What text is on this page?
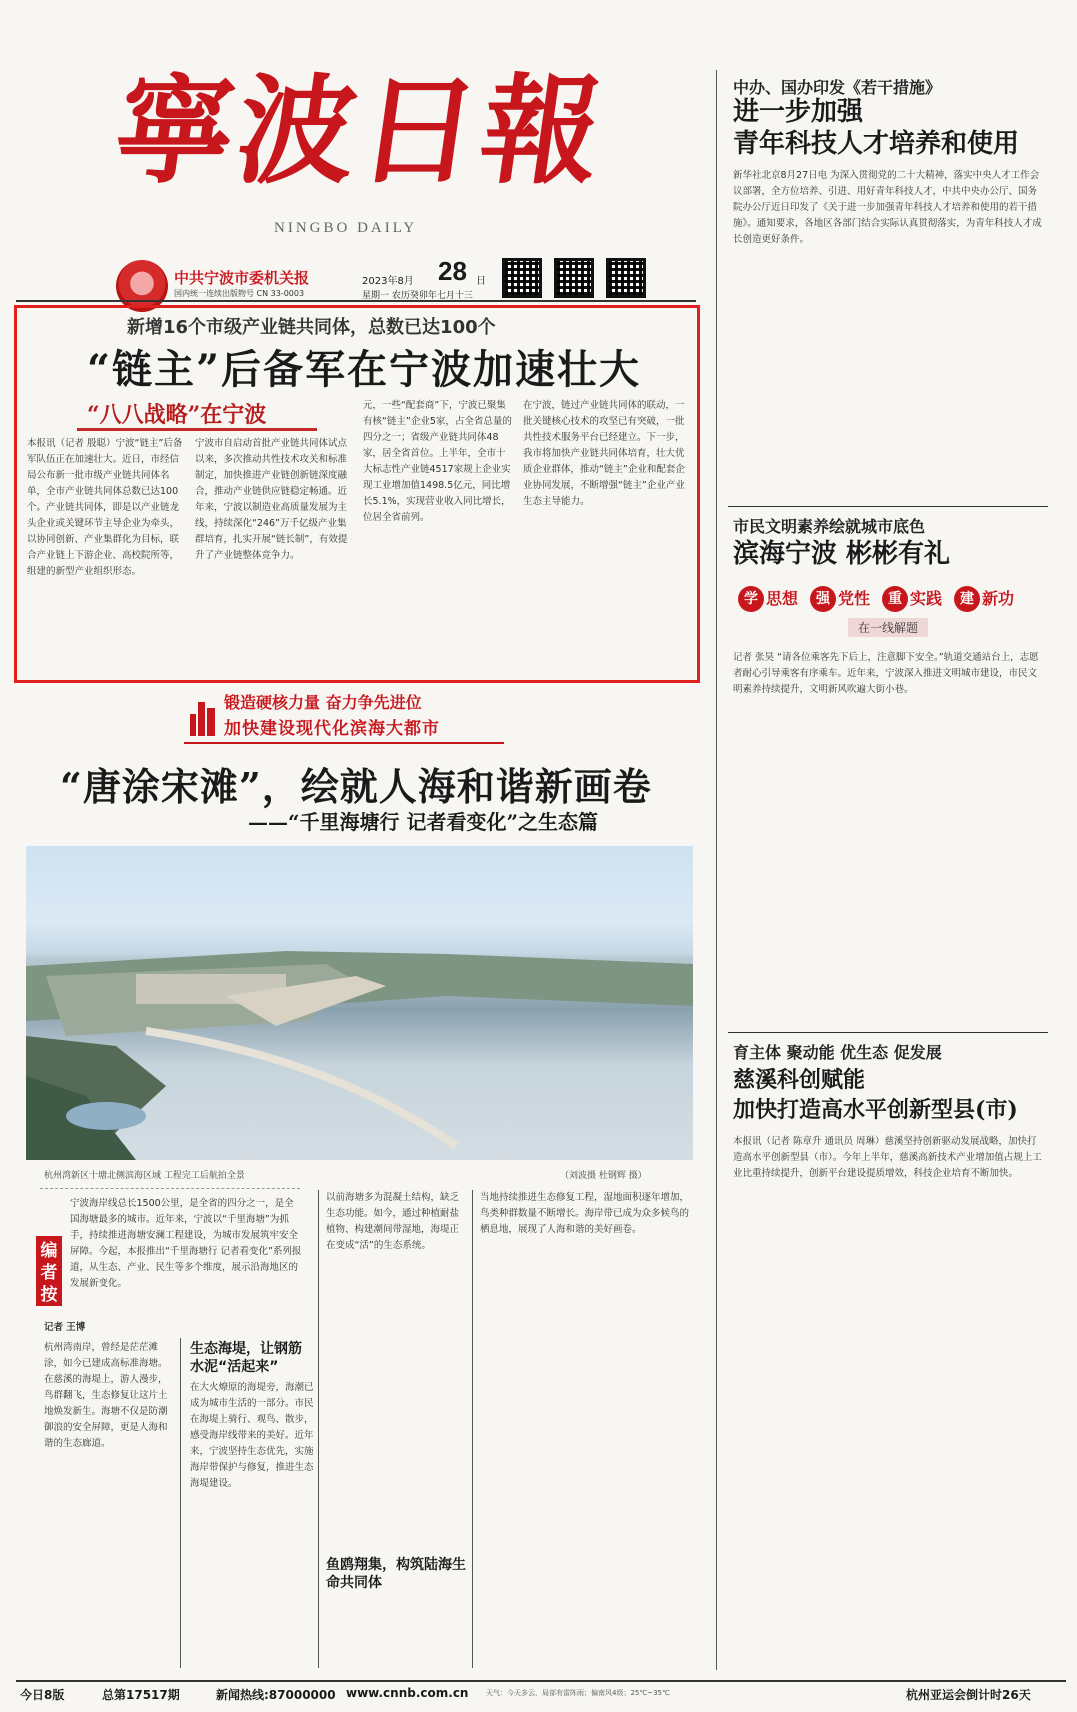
寧波日報
NINGBO DAILY
中共宁波市委机关报
国内统一连续出版物号 CN 33-0003
2023年8月 28 日
星期一 农历癸卯年七月十三
新增16个市级产业链共同体，总数已达100个
“链主”后备军在宁波加速壮大
“八八战略”在宁波
本报讯（记者 殷聪）宁波“链主”后备军队伍正在加速壮大。近日，市经信局公布新一批市级产业链共同体名单，全市产业链共同体总数已达100个。产业链共同体，即是以产业链龙头企业或关键环节主导企业为牵头，以协同创新、产业集群化为目标，联合产业链上下游企业、高校院所等，组建的新型产业组织形态。
宁波市自启动首批产业链共同体试点以来，多次推动共性技术攻关和标准制定，加快推进产业链创新链深度融合，推动产业链供应链稳定畅通。近年来，宁波以制造业高质量发展为主线，持续深化“246”万千亿级产业集群培育，扎实开展“链长制”，有效提升了产业链整体竞争力。
元，一些“配套商”下，宁波已聚集有核“链主”企业5家，占全省总量的四分之一；省级产业链共同体48家，居全省首位。上半年，全市十大标志性产业链4517家规上企业实现工业增加值1498.5亿元，同比增长5.1%，实现营业收入同比增长，位居全省前列。
在宁波，链过产业链共同体的联动，一批关键核心技术的攻坚已有突破，一批共性技术服务平台已经建立。下一步，我市将加快产业链共同体培育，壮大优质企业群体，推动“链主”企业和配套企业协同发展，不断增强“链主”企业产业生态主导能力。
锻造硬核力量 奋力争先进位
加快建设现代化滨海大都市
“唐涂宋滩”，绘就人海和谐新画卷
——“千里海塘行 记者看变化”之生态篇
杭州湾新区十塘北侧滨海区域 工程完工后航拍全景	（刘波摄 杜钢辉 摄）
编者按
宁波海岸线总长1500公里，是全省的四分之一，是全国海塘最多的城市。近年来，宁波以“千里海塘”为抓手，持续推进海塘安澜工程建设，为城市发展筑牢安全屏障。今起，本报推出“千里海塘行 记者看变化”系列报道，从生态、产业、民生等多个维度，展示沿海地区的发展新变化。
记者 王博
生态海堤，让钢筋水泥“活起来”
鱼鸥翔集，构筑陆海生命共同体
杭州湾南岸，曾经是茫茫滩涂，如今已建成高标准海塘。在慈溪的海堤上，游人漫步，鸟群翻飞，生态修复让这片土地焕发新生。海塘不仅是防潮御浪的安全屏障，更是人海和谐的生态廊道。
在大火燎原的海堤旁，海潮已成为城市生活的一部分。市民在海堤上骑行、观鸟、散步，感受海岸线带来的美好。近年来，宁波坚持生态优先，实施海岸带保护与修复，推进生态海堤建设。
以前海塘多为混凝土结构，缺乏生态功能。如今，通过种植耐盐植物、构建潮间带湿地，海堤正在变成“活”的生态系统。
当地持续推进生态修复工程，湿地面积逐年增加，鸟类种群数量不断增长。海岸带已成为众多候鸟的栖息地，展现了人海和谐的美好画卷。
中办、国办印发《若干措施》
进一步加强
青年科技人才培养和使用
新华社北京8月27日电 为深入贯彻党的二十大精神，落实中央人才工作会议部署，全方位培养、引进、用好青年科技人才，中共中央办公厅、国务院办公厅近日印发了《关于进一步加强青年科技人才培养和使用的若干措施》。通知要求，各地区各部门结合实际认真贯彻落实，为青年科技人才成长创造更好条件。
市民文明素养绘就城市底色
滨海宁波 彬彬有礼
学 思想	强 党性	重 实践	建 新功
在一线解题
记者 张昊 “请各位乘客先下后上，注意脚下安全。”轨道交通站台上，志愿者耐心引导乘客有序乘车。近年来，宁波深入推进文明城市建设，市民文明素养持续提升，文明新风吹遍大街小巷。
育主体 聚动能 优生态 促发展
慈溪科创赋能
加快打造高水平创新型县(市)
本报讯（记者 陈章升 通讯员 周琳）慈溪坚持创新驱动发展战略，加快打造高水平创新型县（市）。今年上半年，慈溪高新技术产业增加值占规上工业比重持续提升，创新平台建设提质增效，科技企业培育不断加快。
今日8版	总第17517期	新闻热线:87000000 www.cnnb.com.cn	天气：今天多云，局部有雷阵雨；偏南风4级；25℃~35℃	杭州亚运会倒计时26天
